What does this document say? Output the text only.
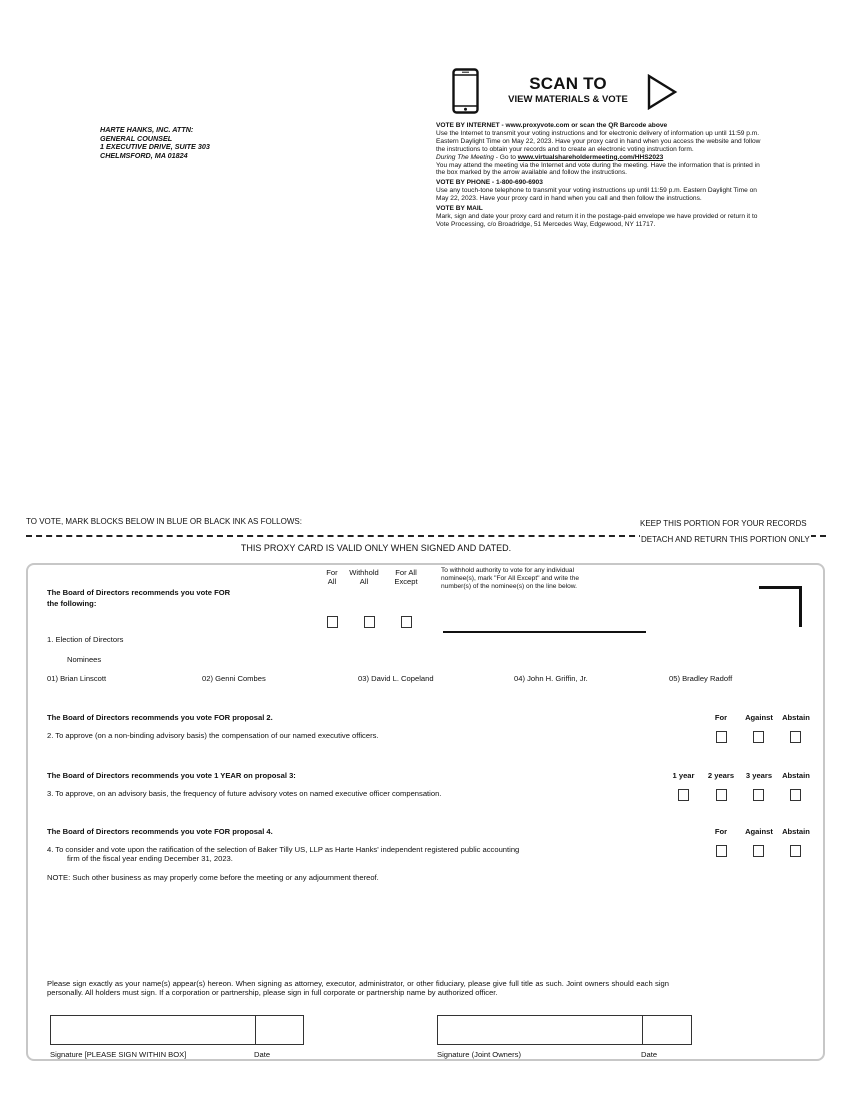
HARTE HANKS, INC. ATTN:
GENERAL COUNSEL
1 EXECUTIVE DRIVE, SUITE 303
CHELMSFORD, MA 01824
SCAN TO
VIEW MATERIALS & VOTE
VOTE BY INTERNET - www.proxyvote.com or scan the QR Barcode above
Use the Internet to transmit your voting instructions and for electronic delivery of information up until 11:59 p.m. Eastern Daylight Time on May 22, 2023. Have your proxy card in hand when you access the website and follow the instructions to obtain your records and to create an electronic voting instruction form.
During The Meeting - Go to www.virtualshareholdermeeting.com/HHS2023
You may attend the meeting via the Internet and vote during the meeting. Have the information that is printed in the box marked by the arrow available and follow the instructions.
VOTE BY PHONE - 1-800-690-6903
Use any touch-tone telephone to transmit your voting instructions up until 11:59 p.m. Eastern Daylight Time on May 22, 2023. Have your proxy card in hand when you call and then follow the instructions.
VOTE BY MAIL
Mark, sign and date your proxy card and return it in the postage-paid envelope we have provided or return it to Vote Processing, c/o Broadridge, 51 Mercedes Way, Edgewood, NY 11717.
TO VOTE, MARK BLOCKS BELOW IN BLUE OR BLACK INK AS FOLLOWS:	KEEP THIS PORTION FOR YOUR RECORDS
DETACH AND RETURN THIS PORTION ONLY
THIS PROXY CARD IS VALID ONLY WHEN SIGNED AND DATED.
The Board of Directors recommends you vote FOR
the following:
For
All
Withhold
All
For All
Except
To withhold authority to vote for any individual nominee(s), mark "For All Except" and write the number(s) of the nominee(s) on the line below.
1. Election of Directors
Nominees
01) Brian Linscott	02) Genni Combes	03) David L. Copeland	04) John H. Griffin, Jr.	05) Bradley Radoff
The Board of Directors recommends you vote FOR proposal 2.
2. To approve (on a non-binding advisory basis) the compensation of our named executive officers.
For	Against	Abstain
The Board of Directors recommends you vote 1 YEAR on proposal 3:
3. To approve, on an advisory basis, the frequency of future advisory votes on named executive officer compensation.
1 year	2 years	3 years	Abstain
The Board of Directors recommends you vote FOR proposal 4.
4. To consider and vote upon the ratification of the selection of Baker Tilly US, LLP as Harte Hanks' independent registered public accounting
firm of the fiscal year ending December 31, 2023.
For	Against	Abstain
NOTE: Such other business as may properly come before the meeting or any adjournment thereof.
Please sign exactly as your name(s) appear(s) hereon. When signing as attorney, executor, administrator, or other fiduciary, please give full title as such. Joint owners should each sign personally. All holders must sign. If a corporation or partnership, please sign in full corporate or partnership name by authorized officer.
Signature [PLEASE SIGN WITHIN BOX]	Date	Signature (Joint Owners)	Date
